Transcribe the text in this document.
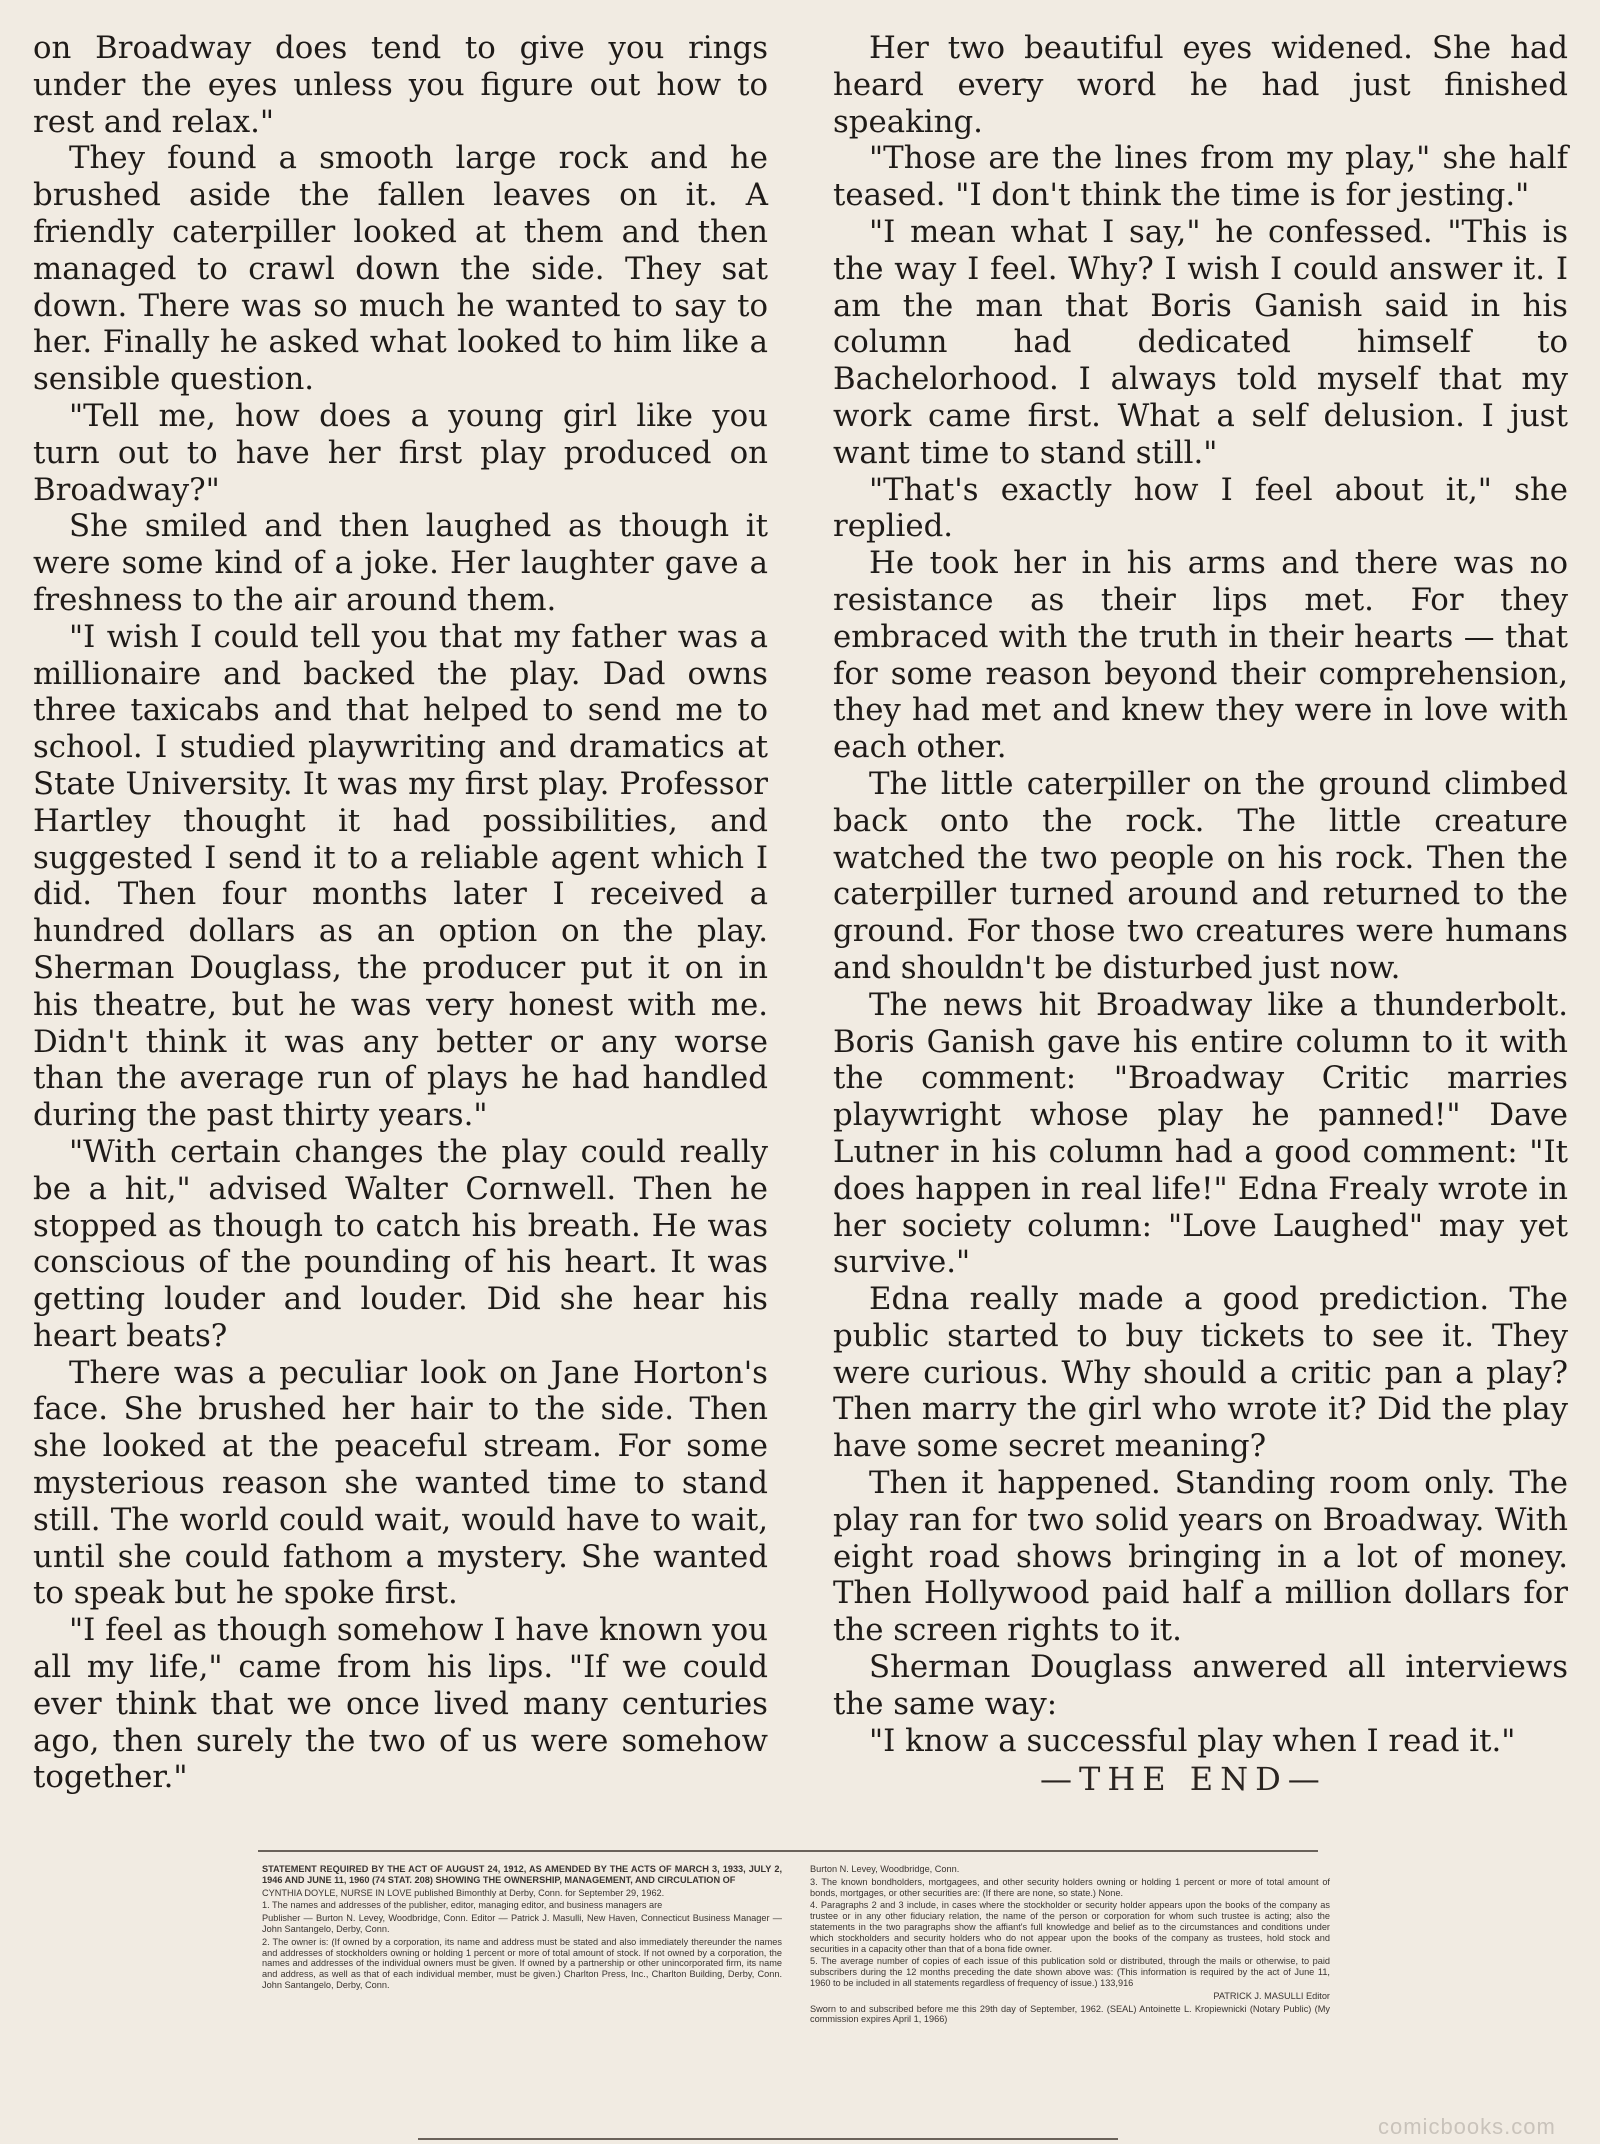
on Broadway does tend to give you rings under the eyes unless you figure out how to rest and relax."

They found a smooth large rock and he brushed aside the fallen leaves on it. A friendly caterpiller looked at them and then managed to crawl down the side. They sat down. There was so much he wanted to say to her. Finally he asked what looked to him like a sensible question.

"Tell me, how does a young girl like you turn out to have her first play produced on Broadway?"

She smiled and then laughed as though it were some kind of a joke. Her laughter gave a freshness to the air around them.

"I wish I could tell you that my father was a millionaire and backed the play. Dad owns three taxicabs and that helped to send me to school. I studied playwriting and dramatics at State University. It was my first play. Professor Hartley thought it had possibilities, and suggested I send it to a reliable agent which I did. Then four months later I received a hundred dollars as an option on the play. Sherman Douglass, the producer put it on in his theatre, but he was very honest with me. Didn't think it was any better or any worse than the average run of plays he had handled during the past thirty years."

"With certain changes the play could really be a hit," advised Walter Cornwell. Then he stopped as though to catch his breath. He was conscious of the pounding of his heart. It was getting louder and louder. Did she hear his heart beats?

There was a peculiar look on Jane Horton's face. She brushed her hair to the side. Then she looked at the peaceful stream. For some mysterious reason she wanted time to stand still. The world could wait, would have to wait, until she could fathom a mystery. She wanted to speak but he spoke first.

"I feel as though somehow I have known you all my life," came from his lips. "If we could ever think that we once lived many centuries ago, then surely the two of us were somehow together."

Her two beautiful eyes widened. She had heard every word he had just finished speaking.

"Those are the lines from my play," she half teased. "I don't think the time is for jesting."

"I mean what I say," he confessed. "This is the way I feel. Why? I wish I could answer it. I am the man that Boris Ganish said in his column had dedicated himself to Bachelorhood. I always told myself that my work came first. What a self delusion. I just want time to stand still."

"That's exactly how I feel about it," she replied.

He took her in his arms and there was no resistance as their lips met. For they embraced with the truth in their hearts — that for some reason beyond their comprehension, they had met and knew they were in love with each other.

The little caterpiller on the ground climbed back onto the rock. The little creature watched the two people on his rock. Then the caterpiller turned around and returned to the ground. For those two creatures were humans and shouldn't be disturbed just now.

The news hit Broadway like a thunderbolt. Boris Ganish gave his entire column to it with the comment: "Broadway Critic marries playwright whose play he panned!" Dave Lutner in his column had a good comment: "It does happen in real life!" Edna Frealy wrote in her society column: "Love Laughed" may yet survive."

Edna really made a good prediction. The public started to buy tickets to see it. They were curious. Why should a critic pan a play? Then marry the girl who wrote it? Did the play have some secret meaning?

Then it happened. Standing room only. The play ran for two solid years on Broadway. With eight road shows bringing in a lot of money. Then Hollywood paid half a million dollars for the screen rights to it.

Sherman Douglass anwered all interviews the same way:

"I know a successful play when I read it."

—THE END—

STATEMENT REQUIRED BY THE ACT OF AUGUST 24, 1912, AS AMENDED BY THE ACTS OF MARCH 3, 1933, JULY 2, 1946 AND JUNE 11, 1960 (74 STAT. 208) SHOWING THE OWNERSHIP, MANAGEMENT, AND CIRCULATION OF

CYNTHIA DOYLE, NURSE IN LOVE published Bimonthly at Derby, Conn. for September 29, 1962.

1. The names and addresses of the publisher, editor, managing editor, and business managers are

Publisher — Burton N. Levey, Woodbridge, Conn. Editor — Patrick J. Masulli, New Haven, Connecticut Business Manager — John Santangelo, Derby, Conn.

2. The owner is: (If owned by a corporation, its name and address must be stated and also immediately thereunder the names and addresses of stockholders owning or holding 1 percent or more of total amount of stock. If not owned by a corporation, the names and addresses of the individual owners must be given. If owned by a partnership or other unincorporated firm, its name and address, as well as that of each individual member, must be given.) Charlton Press, Inc., Charlton Building, Derby, Conn. John Santangelo, Derby, Conn.

Burton N. Levey, Woodbridge, Conn.

3. The known bondholders, mortgagees, and other security holders owning or holding 1 percent or more of total amount of bonds, mortgages, or other securities are: (If there are none, so state.) None.

4. Paragraphs 2 and 3 include, in cases where the stockholder or security holder appears upon the books of the company as trustee or in any other fiduciary relation, the name of the person or corporation for whom such trustee is acting; also the statements in the two paragraphs show the affiant's full knowledge and belief as to the circumstances and conditions under which stockholders and security holders who do not appear upon the books of the company as trustees, hold stock and securities in a capacity other than that of a bona fide owner.

5. The average number of copies of each issue of this publication sold or distributed, through the mails or otherwise, to paid subscribers during the 12 months preceding the date shown above was: (This information is required by the act of June 11, 1960 to be included in all statements regardless of frequency of issue.) 133,916

PATRICK J. MASULLI Editor

Sworn to and subscribed before me this 29th day of September, 1962. (SEAL) Antoinette L. Kropiewnicki (Notary Public) (My commission expires April 1, 1966)

comicbooks.com
